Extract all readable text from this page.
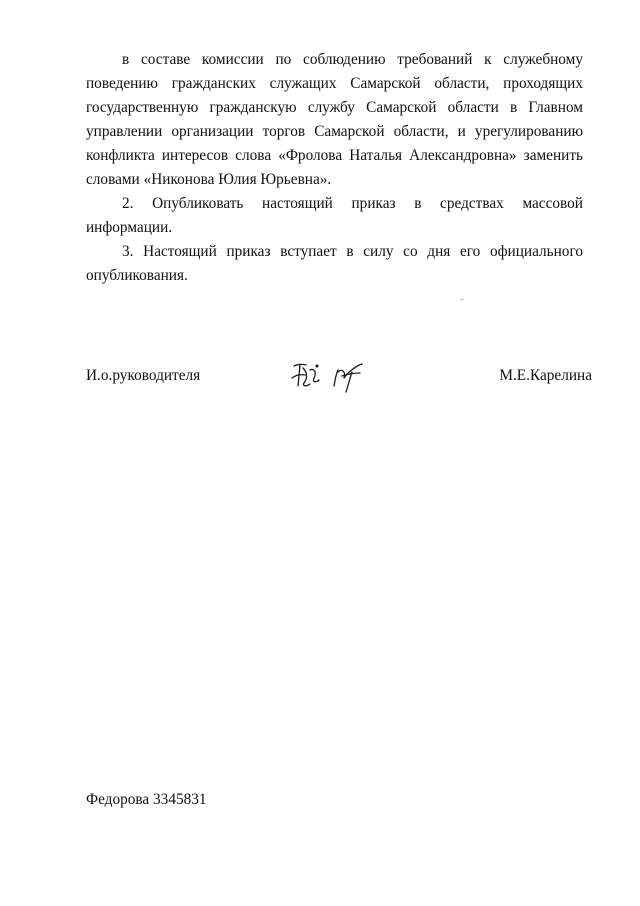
в составе комиссии по соблюдению требований к служебному поведению гражданских служащих Самарской области, проходящих государственную гражданскую службу Самарской области в Главном управлении организации торгов Самарской области, и урегулированию конфликта интересов слова «Фролова Наталья Александровна» заменить словами «Никонова Юлия Юрьевна».

2. Опубликовать настоящий приказ в средствах массовой информации.

3. Настоящий приказ вступает в силу со дня его официального опубликования.

И.о.руководителя	М.Е.Карелина
Федорова 3345831
